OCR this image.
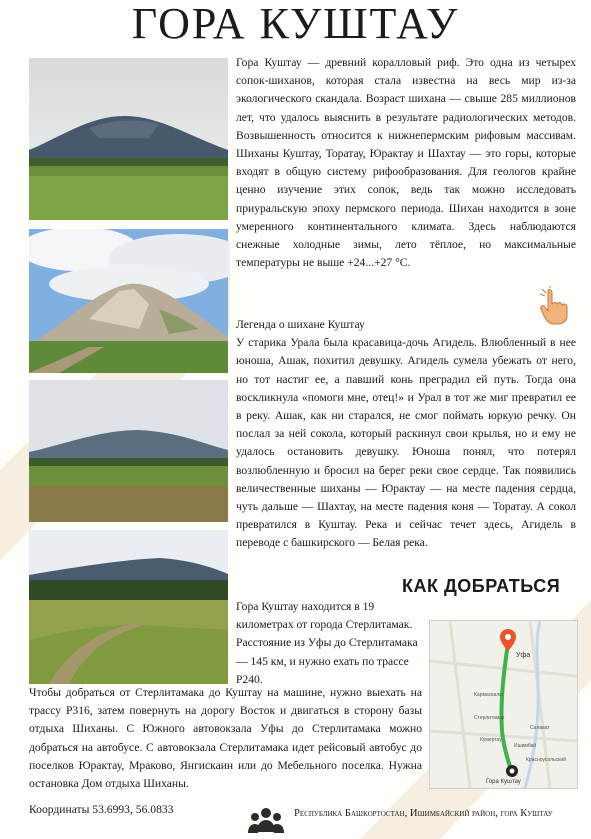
ГОРА КУШТАУ

Гора Куштау — древний коралловый риф. Это одна из четырех сопок-шиханов, которая стала известна на весь мир из-за экологического скандала. Возраст шихана — свыше 285 миллионов лет, что удалось выяснить в результате радиологических методов. Возвышенность относится к нижнепермским рифовым массивам. Шиханы Куштау, Торатау, Юрактау и Шахтау — это горы, которые входят в общую систему рифообразования. Для геологов крайне ценно изучение этих сопок, ведь так можно исследовать приуральскую эпоху пермского периода. Шихан находится в зоне умеренного континентального климата. Здесь наблюдаются снежные холодные зимы, лето тёплое, но максимальные температуры не выше +24...+27 °С.

Легенда о шихане Куштау
У старика Урала была красавица-дочь Агидель. Влюбленный в нее юноша, Ашак, похитил девушку. Агидель сумела убежать от него, но тот настиг ее, а павший конь преградил ей путь. Тогда она воскликнула «помоги мне, отец!» и Урал в тот же миг превратил ее в реку. Ашак, как ни старался, не смог поймать юркую речку. Он послал за ней сокола, который раскинул свои крылья, но и ему не удалось остановить девушку. Юноша понял, что потерял возлюбленную и бросил на берег реки свое сердце. Так появились величественные шиханы — Юрактау — на месте падения сердца, чуть дальше — Шахтау, на месте падения коня — Торатау. А сокол превратился в Куштау. Река и сейчас течет здесь, Агидель в переводе с башкирского — Белая река.
КАК ДОБРАТЬСЯ

Гора Куштау находится в 19 километрах от города Стерлитамак. Расстояние из Уфы до Стерлитамака — 145 км, и нужно ехать по трассе Р240.

Уфа
Кармаскалы
Стерлитамак
Салават
Кумертау
Ишимбай
Красноусольский
Гора Куштау

Чтобы добраться от Стерлитамака до Куштау на машине, нужно выехать на трассу Р316, затем повернуть на дорогу Восток и двигаться в сторону базы отдыха Шиханы. С Южного автовокзала Уфы до Стерлитамака можно добраться на автобусе. С автовокзала Стерлитамака идет рейсовый автобус до поселков Юрактау, Мраково, Янгискаин или до Мебельного поселка. Нужна остановка Дом отдыха Шиханы.

Координаты 53.6993, 56.0833	Республика Башкортостан, Ишимбайский район, гора Куштау
